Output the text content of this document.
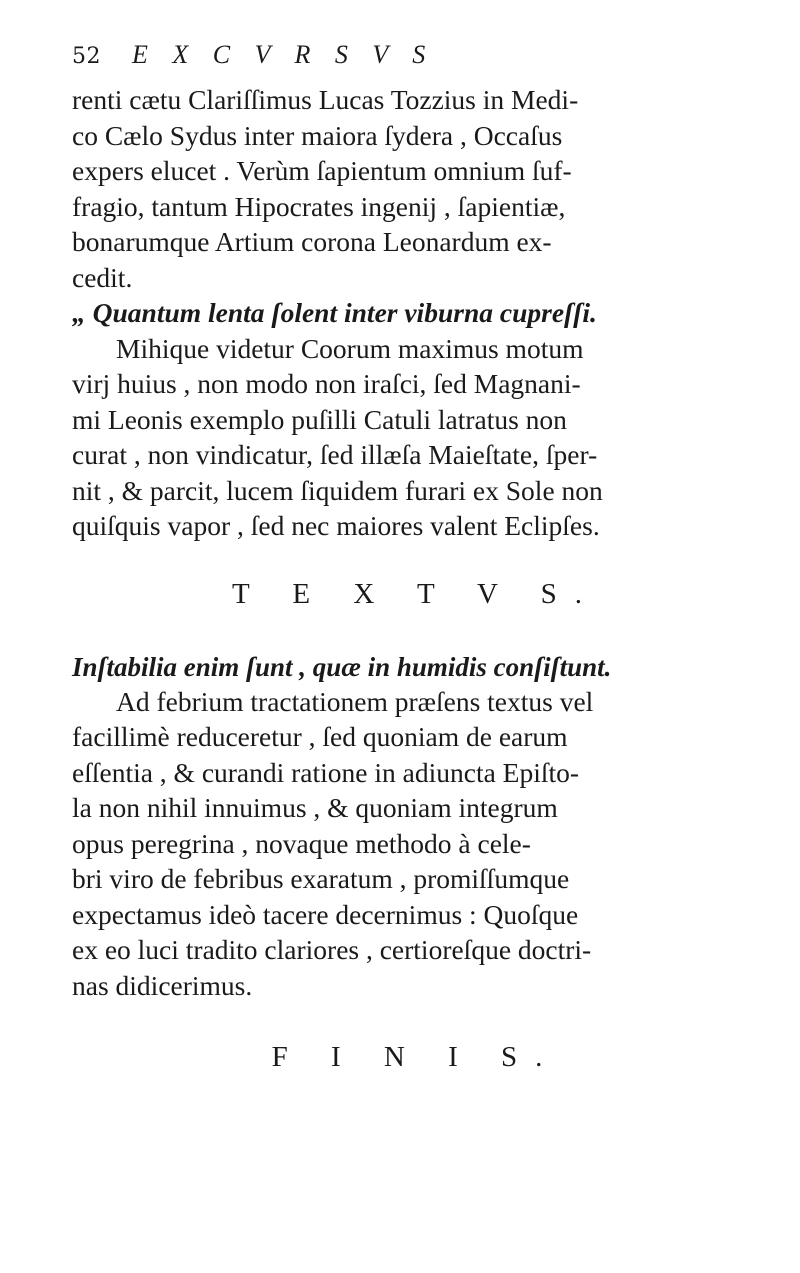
52	E X C V R S V S
renti cætu Clariſſimus Lucas Tozzius in Medi-
co Cælo Sydus inter maiora ſydera , Occaſus
expers elucet . Verùm ſapientum omnium ſuf-
fragio, tantum Hipocrates ingenij , ſapientiæ,
bonarumque Artium corona Leonardum ex-
cedit.
„ Quantum lenta ſolent inter viburna cupreſſi.
Mihique videtur Coorum maximus motum
virj huius , non modo non iraſci, ſed Magnani-
mi Leonis exemplo puſilli Catuli latratus non
curat , non vindicatur, ſed illæſa Maieſtate, ſper-
nit , & parcit, lucem ſiquidem furari ex Sole non
quiſquis vapor , ſed nec maiores valent Eclipſes.
T E X T V S.
Inſtabilia enim ſunt , quæ in humidis conſiſtunt.
Ad febrium tractationem præſens textus vel
facillimè reduceretur , ſed quoniam de earum
eſſentia , & curandi ratione in adiuncta Epiſto-
la non nihil innuimus , & quoniam integrum
opus peregrina , novaque methodo à cele-
bri viro de febribus exaratum , promiſſumque
expectamus ideò tacere decernimus : Quoſque
ex eo luci tradito clariores , certioreſque doctri-
nas didicerimus.
F I N I S.
